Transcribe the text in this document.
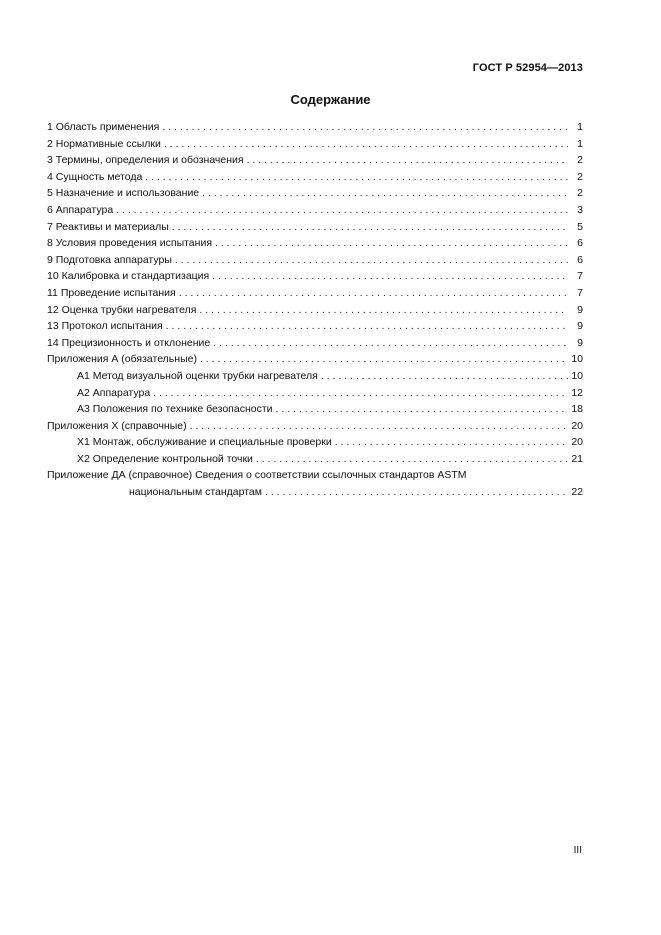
ГОСТ Р 52954—2013
Содержание
1 Область применения . . .	1
2 Нормативные ссылки . . .	1
3 Термины, определения и обозначения . . .	2
4 Сущность метода . . .	2
5 Назначение и использование . . .	2
6 Аппаратура . . .	3
7 Реактивы и материалы . . .	5
8 Условия проведения испытания . . .	6
9 Подготовка аппаратуры . . .	6
10 Калибровка и стандартизация . . .	7
11 Проведение испытания . . .	7
12 Оценка трубки нагревателя . . .	9
13 Протокол испытания . . .	9
14 Прецизионность и отклонение . . .	9
Приложения А (обязательные) . . .	10
А1 Метод визуальной оценки трубки нагревателя . . .	10
А2 Аппаратура . . .	12
А3 Положения по технике безопасности . . .	18
Приложения Х (справочные) . . .	20
Х1 Монтаж, обслуживание и специальные проверки . . .	20
Х2 Определение контрольной точки . . .	21
Приложение ДА (справочное) Сведения о соответствии ссылочных стандартов ASTM
национальным стандартам . . .	22
III
